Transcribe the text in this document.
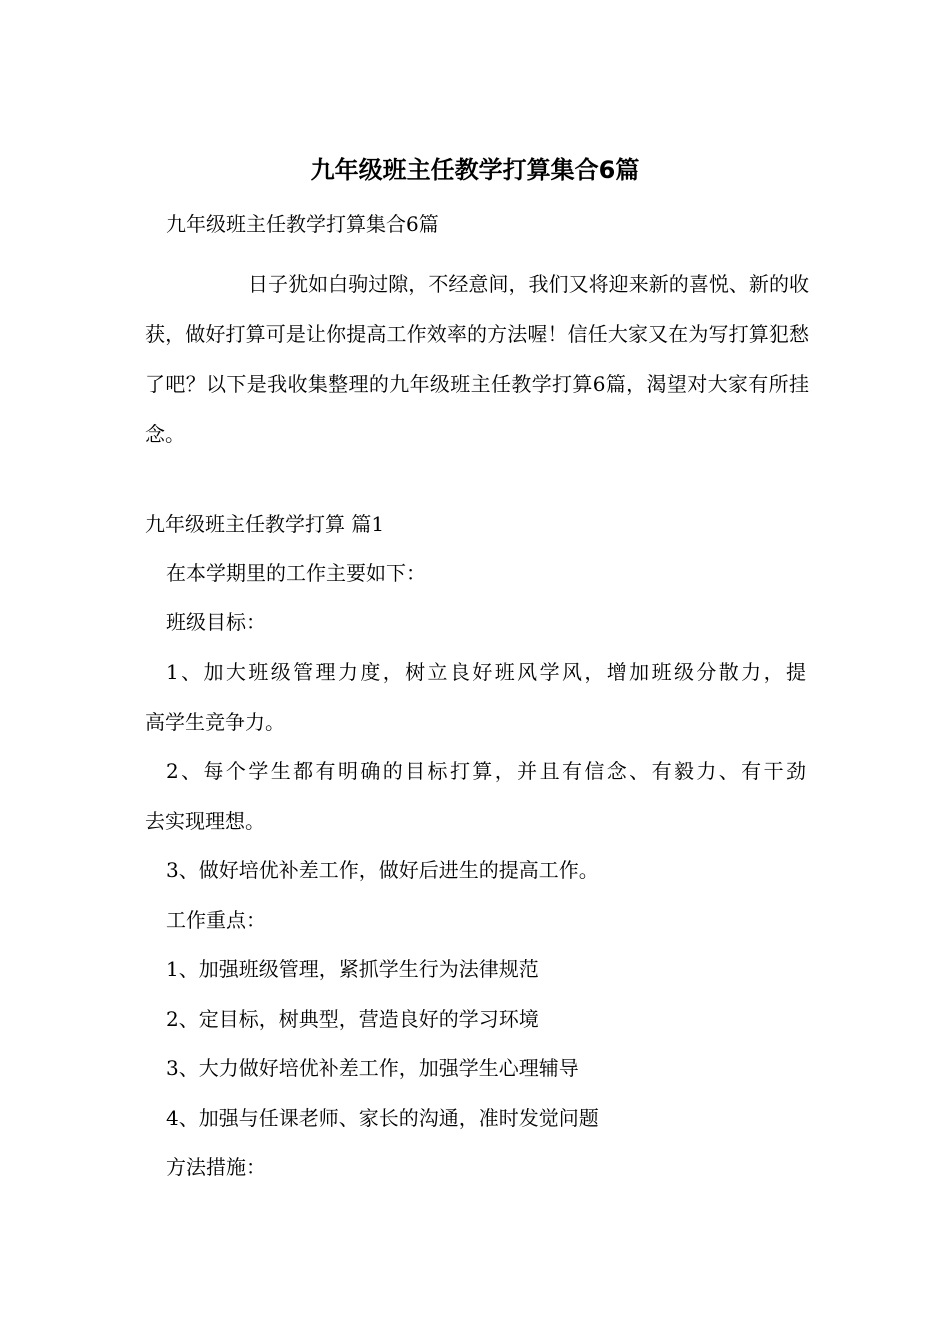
九年级班主任教学打算集合6篇
九年级班主任教学打算集合6篇
日子犹如白驹过隙，不经意间，我们又将迎来新的喜悦、新的收获，做好打算可是让你提高工作效率的方法喔！信任大家又在为写打算犯愁了吧？以下是我收集整理的九年级班主任教学打算6篇，渴望对大家有所挂念。
九年级班主任教学打算 篇1
在本学期里的工作主要如下：
班级目标：
1、加大班级管理力度，树立良好班风学风，增加班级分散力，提
高学生竞争力。
2、每个学生都有明确的目标打算，并且有信念、有毅力、有干劲
去实现理想。
3、做好培优补差工作，做好后进生的提高工作。
工作重点：
1、加强班级管理，紧抓学生行为法律规范
2、定目标，树典型，营造良好的学习环境
3、大力做好培优补差工作，加强学生心理辅导
4、加强与任课老师、家长的沟通，准时发觉问题
方法措施：
